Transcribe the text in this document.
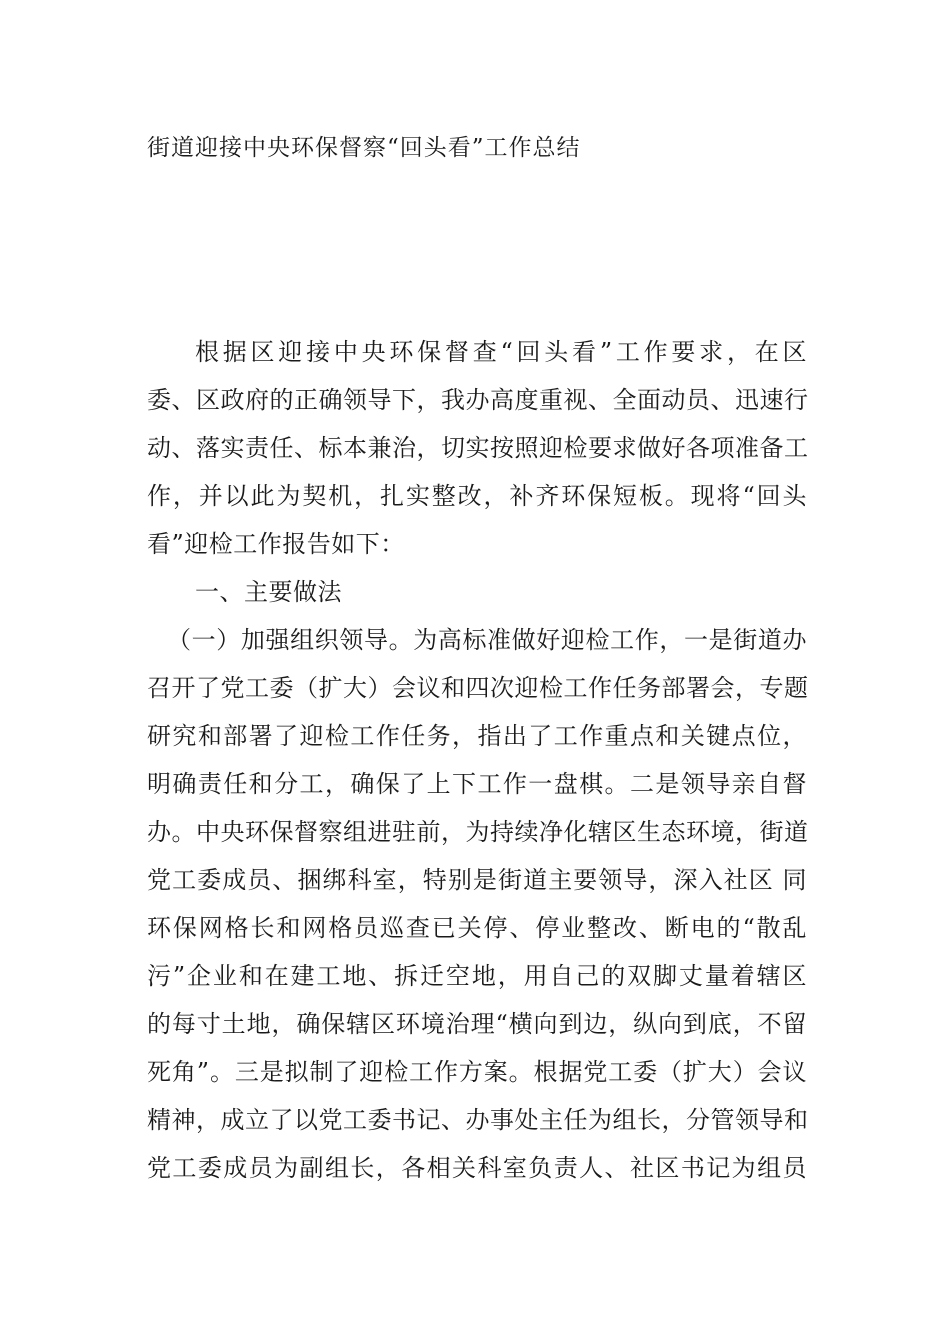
街道迎接中央环保督察“回头看”工作总结
根据区迎接中央环保督查“回头看”工作要求，在区
委、区政府的正确领导下，我办高度重视、全面动员、迅速行
动、落实责任、标本兼治，切实按照迎检要求做好各项准备工
作，并以此为契机，扎实整改，补齐环保短板。现将“回头
看”迎检工作报告如下：
一、主要做法
（一）加强组织领导。为高标准做好迎检工作，一是街道办
召开了党工委（扩大）会议和四次迎检工作任务部署会，专题
研究和部署了迎检工作任务，指出了工作重点和关键点位，
明确责任和分工，确保了上下工作一盘棋。二是领导亲自督
办。中央环保督察组进驻前，为持续净化辖区生态环境，街道
党工委成员、捆绑科室，特别是街道主要领导，深入社区 同
环保网格长和网格员巡查已关停、停业整改、断电的“散乱
污”企业和在建工地、拆迁空地，用自己的双脚丈量着辖区
的每寸土地，确保辖区环境治理“横向到边，纵向到底，不留
死角”。三是拟制了迎检工作方案。根据党工委（扩大）会议
精神，成立了以党工委书记、办事处主任为组长，分管领导和
党工委成员为副组长，各相关科室负责人、社区书记为组员
